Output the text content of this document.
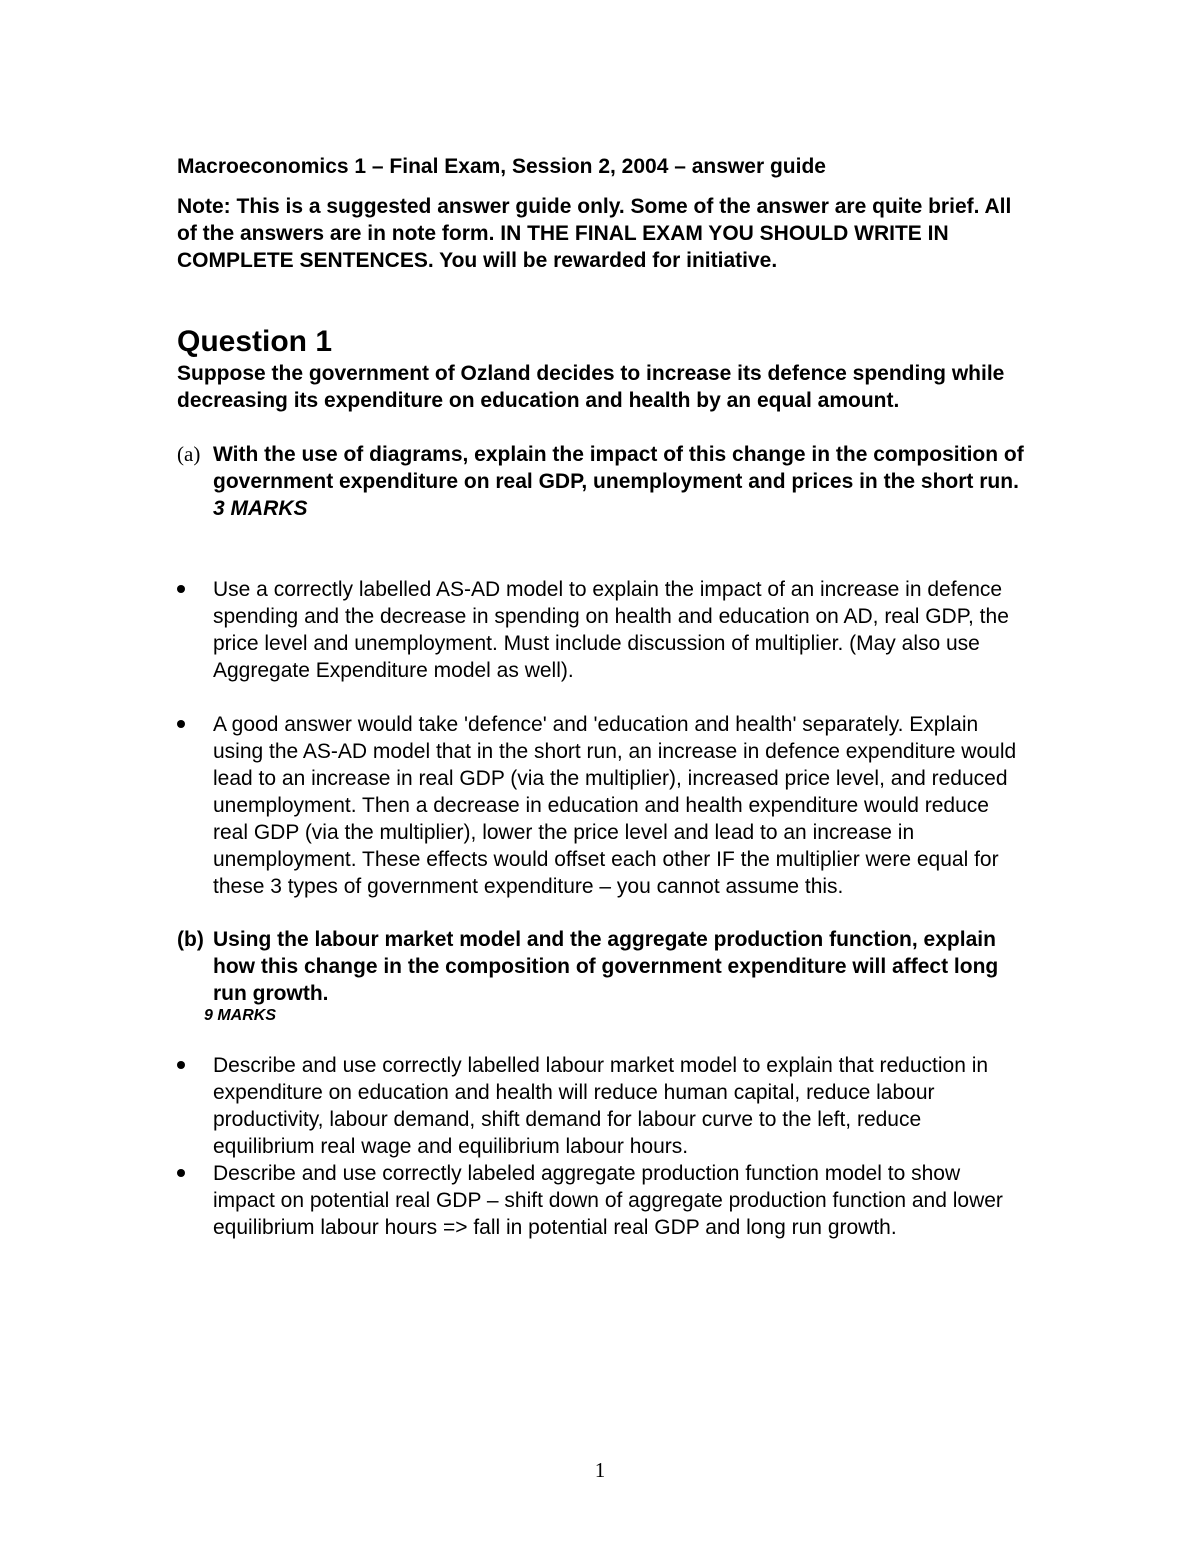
Macroeconomics 1 – Final Exam, Session 2, 2004 – answer guide

Note: This is a suggested answer guide only. Some of the answer are quite brief. All of the answers are in note form. IN THE FINAL EXAM YOU SHOULD WRITE IN COMPLETE SENTENCES. You will be rewarded for initiative.

Question 1

Suppose the government of Ozland decides to increase its defence spending while decreasing its expenditure on education and health by an equal amount.

(a) With the use of diagrams, explain the impact of this change in the composition of government expenditure on real GDP, unemployment and prices in the short run.
3 MARKS
Use a correctly labelled AS-AD model to explain the impact of an increase in defence spending and the decrease in spending on health and education on AD, real GDP, the price level and unemployment. Must include discussion of multiplier. (May also use Aggregate Expenditure model as well).
A good answer would take 'defence' and 'education and health' separately. Explain using the AS-AD model that in the short run, an increase in defence expenditure would lead to an increase in real GDP (via the multiplier), increased price level, and reduced unemployment. Then a decrease in education and health expenditure would reduce real GDP (via the multiplier), lower the price level and lead to an increase in unemployment. These effects would offset each other IF the multiplier were equal for these 3 types of government expenditure – you cannot assume this.
(b) Using the labour market model and the aggregate production function, explain how this change in the composition of government expenditure will affect long run growth.
9 MARKS
Describe and use correctly labelled labour market model to explain that reduction in expenditure on education and health will reduce human capital, reduce labour productivity, labour demand, shift demand for labour curve to the left, reduce equilibrium real wage and equilibrium labour hours.
Describe and use correctly labeled aggregate production function model to show impact on potential real GDP – shift down of aggregate production function and lower equilibrium labour hours => fall in potential real GDP and long run growth.
1
